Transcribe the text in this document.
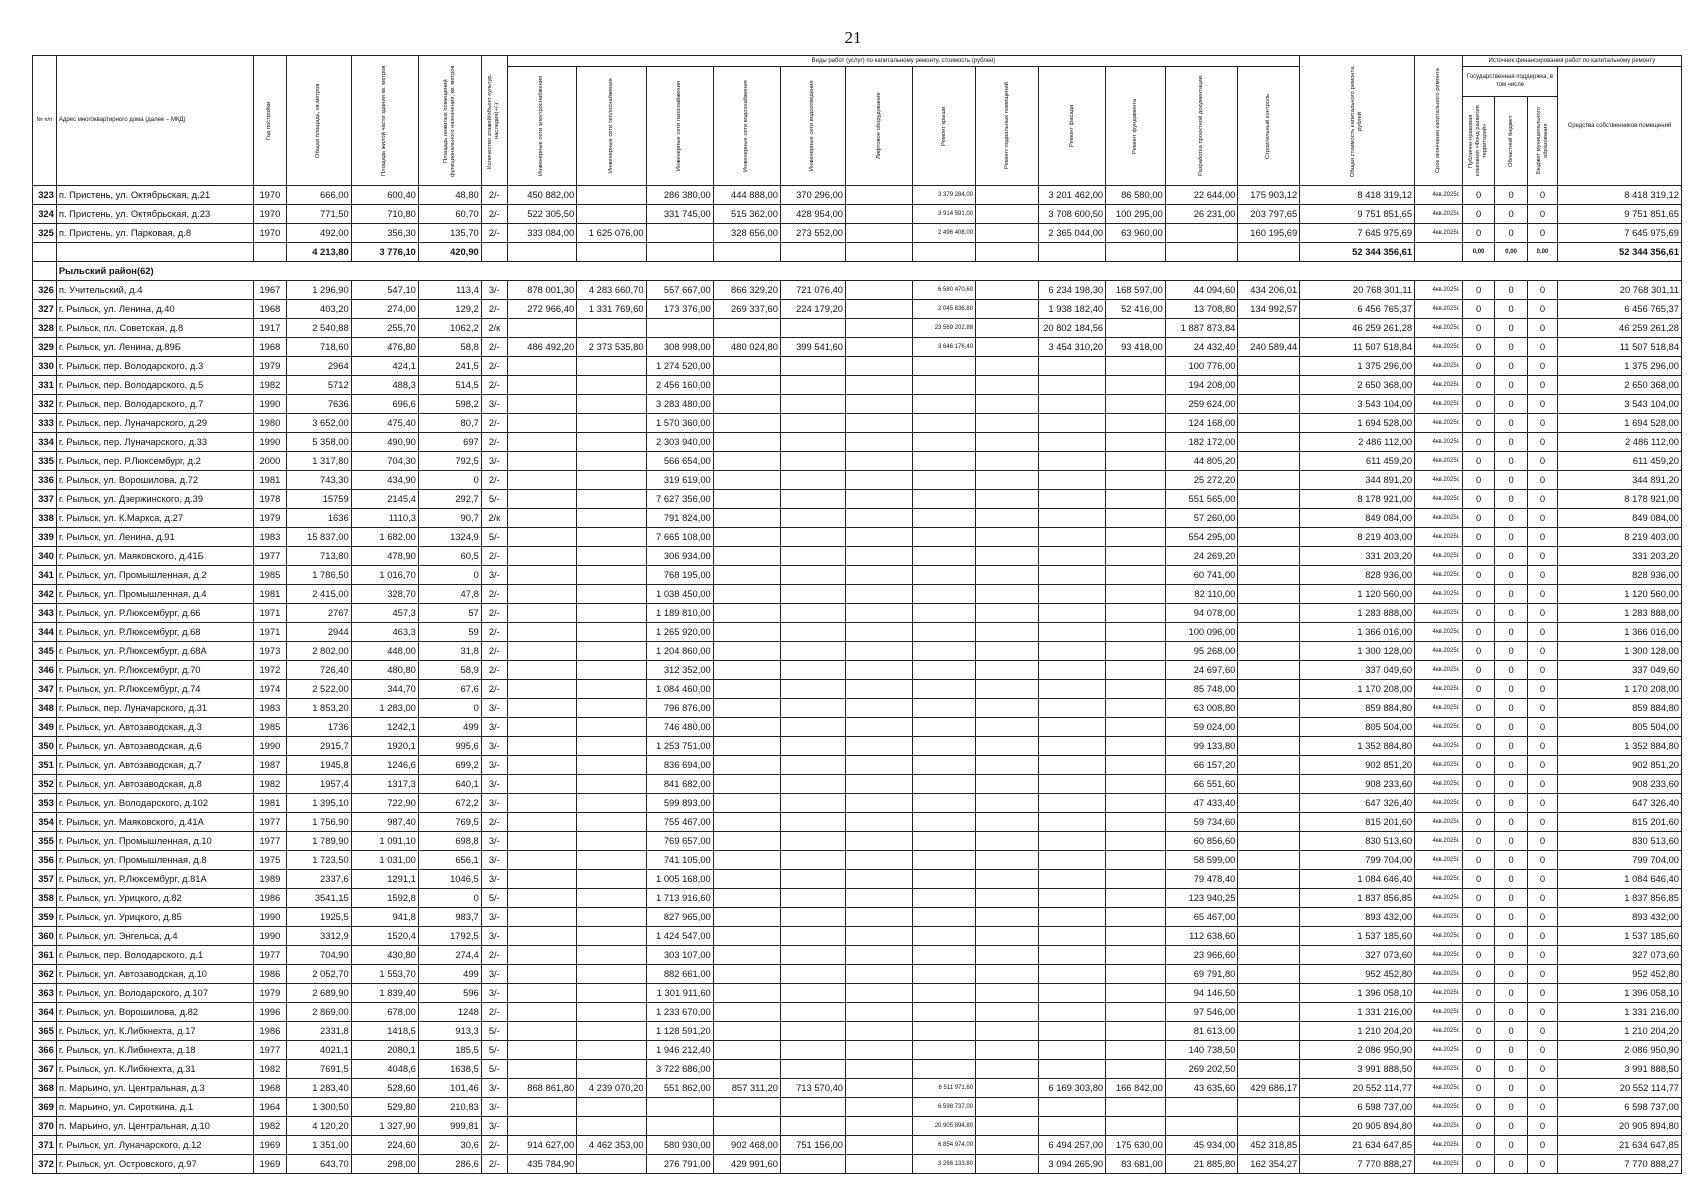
21
№ п/п	Адрес многоквартирного дома (далее – МКД)	Год постройки	Общая площадь, кв.метров	Площадь жилой части здания кв. метров	Площадь нежилых помещений функционального назначения, кв. метров	Количество этажей/объект культур. наследия(+/-)	Виды работ (услуг) по капитальному ремонту, стоимость (рублей)												Общая стоимость капитального ремонта, рублей	Срок окончания капитального ремонта	Источник финансирования работ по капитальному ремонту			

							Инженерные сети электроснабжения	Инженерные сети теплоснабжения	Инженерные сети газоснабжения	Инженерные сети водоснабжения	Инженерные сети водоотведения	Лифтовое оборудование	Ремонт крыши	Ремонт подвальных помещений	Ремонт фасада	Ремонт фундамента	Разработка проектной документации	Строительный контроль			Государственная поддержка, в том числе			Средства собственников помещений

																					Публично-правовая компания «Фонд развития территорий»	Областной бюджет	Бюджет муниципального образования	

323	п. Пристень, ул. Октябрьская, д.21	1970	666,00	600,40	48,80	2/-	450 882,00		286 380,00	444 888,00	370 296,00		3 379 284,00		3 201 462,00	86 580,00	22 644,00	175 903,12	8 418 319,12	4кв.2025г.	0	0	0	8 418 319,12
324	п. Пристень, ул. Октябрьская, д.23	1970	771,50	710,80	60,70	2/-	522 305,50		331 745,00	515 362,00	428 954,00		3 914 591,00		3 708 600,50	100 295,00	26 231,00	203 797,65	9 751 851,65	4кв.2025г.	0	0	0	9 751 851,65
325	п. Пристень, ул. Парковая, д.8	1970	492,00	356,30	135,70	2/-	333 084,00	1 625 076,00		328 656,00	273 552,00		2 496 408,00		2 365 044,00	63 960,00		160 195,69	7 645 975,69	4кв.2025г.	0	0	0	7 645 975,69
			4 213,80	3 776,10	420,90														52 344 356,61		0,00	0,00	0,00	52 344 356,61
	Рыльский район(62)																							
326	п. Учительский, д.4	1967	1 296,90	547,10	113,4	3/-	878 001,30	4 283 660,70	557 667,00	866 329,20	721 076,40		6 580 470,60		6 234 198,30	168 597,00	44 094,60	434 206,01	20 768 301,11	4кв.2025г.	0	0	0	20 768 301,11
327	г. Рыльск, ул. Ленина, д.40	1968	403,20	274,00	129,2	2/-	272 966,40	1 331 769,60	173 376,00	269 337,60	224 179,20		2 045 836,80		1 938 182,40	52 416,00	13 708,80	134 992,57	6 456 765,37	4кв.2025г.	0	0	0	6 456 765,37
328	г. Рыльск, пл. Советская, д.8	1917	2 540,88	255,70	1062,2	2/к							23 569 202,88		20 802 184,56		1 887 873,84		46 259 261,28	4кв.2025г.	0	0	0	46 259 261,28
329	г. Рыльск, ул. Ленина, д.89Б	1968	718,60	476,80	58,8	2/-	486 492,20	2 373 535,80	308 998,00	480 024,80	399 541,60		3 646 176,40		3 454 310,20	93 418,00	24 432,40	240 589,44	11 507 518,84	4кв.2025г.	0	0	0	11 507 518,84
330	г. Рыльск, пер. Володарского, д.3	1979	2964	424,1	241,5	2/-			1 274 520,00								100 776,00		1 375 296,00	4кв.2025г.	0	0	0	1 375 296,00
331	г. Рыльск, пер. Володарского, д.5	1982	5712	488,3	514,5	2/-			2 456 160,00								194 208,00		2 650 368,00	4кв.2025г.	0	0	0	2 650 368,00
332	г. Рыльск, пер. Володарского, д.7	1990	7636	696,6	598,2	3/-			3 283 480,00								259 624,00		3 543 104,00	4кв.2025г.	0	0	0	3 543 104,00
333	г. Рыльск, пер. Луначарского, д.29	1980	3 652,00	475,40	80,7	2/-			1 570 360,00								124 168,00		1 694 528,00	4кв.2025г.	0	0	0	1 694 528,00
334	г. Рыльск, пер. Луначарского, д.33	1990	5 358,00	490,90	697	2/-			2 303 940,00								182 172,00		2 486 112,00	4кв.2025г.	0	0	0	2 486 112,00
335	г. Рыльск, пер. Р.Люксембург, д.2	2000	1 317,80	704,30	792,5	3/-			566 654,00								44 805,20		611 459,20	4кв.2025г.	0	0	0	611 459,20
336	г. Рыльск, ул. Ворошилова, д.72	1981	743,30	434,90	0	2/-			319 619,00								25 272,20		344 891,20	4кв.2025г.	0	0	0	344 891,20
337	г. Рыльск, ул. Дзержинского, д.39	1978	15759	2145,4	292,7	5/-			7 627 356,00								551 565,00		8 178 921,00	4кв.2025г.	0	0	0	8 178 921,00
338	г. Рыльск, ул. К.Маркса, д.27	1979	1636	1110,3	90,7	2/к			791 824,00								57 260,00		849 084,00	4кв.2025г.	0	0	0	849 084,00
339	г. Рыльск, ул. Ленина, д.91	1983	15 837,00	1 682,00	1324,9	5/-			7 665 108,00								554 295,00		8 219 403,00	4кв.2025г.	0	0	0	8 219 403,00
340	г. Рыльск, ул. Маяковского, д.41Б	1977	713,80	478,90	60,5	2/-			306 934,00								24 269,20		331 203,20	4кв.2025г.	0	0	0	331 203,20
341	г. Рыльск, ул. Промышленная, д.2	1985	1 786,50	1 016,70	0	3/-			768 195,00								60 741,00		828 936,00	4кв.2025г.	0	0	0	828 936,00
342	г. Рыльск, ул. Промышленная, д.4	1981	2 415,00	328,70	47,8	2/-			1 038 450,00								82 110,00		1 120 560,00	4кв.2025г.	0	0	0	1 120 560,00
343	г. Рыльск, ул. Р.Люксембург, д.66	1971	2767	457,3	57	2/-			1 189 810,00								94 078,00		1 283 888,00	4кв.2025г.	0	0	0	1 283 888,00
344	г. Рыльск, ул. Р.Люксембург, д.68	1971	2944	463,3	59	2/-			1 265 920,00								100 096,00		1 366 016,00	4кв.2025г.	0	0	0	1 366 016,00
345	г. Рыльск, ул. Р.Люксембург, д.68А	1973	2 802,00	448,00	31,8	2/-			1 204 860,00								95 268,00		1 300 128,00	4кв.2025г.	0	0	0	1 300 128,00
346	г. Рыльск, ул. Р.Люксембург, д.70	1972	726,40	480,80	58,9	2/-			312 352,00								24 697,60		337 049,60	4кв.2025г.	0	0	0	337 049,60
347	г. Рыльск, ул. Р.Люксембург, д.74	1974	2 522,00	344,70	67,6	2/-			1 084 460,00								85 748,00		1 170 208,00	4кв.2025г.	0	0	0	1 170 208,00
348	г. Рыльск, пер. Луначарского, д.31	1983	1 853,20	1 283,00	0	3/-			796 876,00								63 008,80		859 884,80	4кв.2025г.	0	0	0	859 884,80
349	г. Рыльск, ул. Автозаводская, д.3	1985	1736	1242,1	499	3/-			746 480,00								59 024,00		805 504,00	4кв.2025г.	0	0	0	805 504,00
350	г. Рыльск, ул. Автозаводская, д.6	1990	2915,7	1920,1	995,6	3/-			1 253 751,00								99 133,80		1 352 884,80	4кв.2025г.	0	0	0	1 352 884,80
351	г. Рыльск, ул. Автозаводская, д.7	1987	1945,8	1246,6	699,2	3/-			836 694,00								66 157,20		902 851,20	4кв.2025г.	0	0	0	902 851,20
352	г. Рыльск, ул. Автозаводская, д.8	1982	1957,4	1317,3	640,1	3/-			841 682,00								66 551,60		908 233,60	4кв.2025г.	0	0	0	908 233,60
353	г. Рыльск, ул. Володарского, д.102	1981	1 395,10	722,90	672,2	3/-			599 893,00								47 433,40		647 326,40	4кв.2025г.	0	0	0	647 326,40
354	г. Рыльск, ул. Маяковского, д.41А	1977	1 756,90	987,40	769,5	2/-			755 467,00								59 734,60		815 201,60	4кв.2025г.	0	0	0	815 201,60
355	г. Рыльск, ул. Промышленная, д.10	1977	1 789,90	1 091,10	698,8	3/-			769 657,00								60 856,60		830 513,60	4кв.2025г.	0	0	0	830 513,60
356	г. Рыльск, ул. Промышленная, д.8	1975	1 723,50	1 031,00	656,1	3/-			741 105,00								58 599,00		799 704,00	4кв.2025г.	0	0	0	799 704,00
357	г. Рыльск, ул. Р.Люксембург, д.81А	1989	2337,6	1291,1	1046,5	3/-			1 005 168,00								79 478,40		1 084 646,40	4кв.2025г.	0	0	0	1 084 646,40
358	г. Рыльск, ул. Урицкого, д.82	1986	3541,15	1592,8	0	5/-			1 713 916,60								123 940,25		1 837 856,85	4кв.2025г.	0	0	0	1 837 856,85
359	г. Рыльск, ул. Урицкого, д.85	1990	1925,5	941,8	983,7	3/-			827 965,00								65 467,00		893 432,00	4кв.2025г.	0	0	0	893 432,00
360	г. Рыльск, ул. Энгельса, д.4	1990	3312,9	1520,4	1792,5	3/-			1 424 547,00								112 638,60		1 537 185,60	4кв.2025г.	0	0	0	1 537 185,60
361	г. Рыльск, пер. Володарского, д.1	1977	704,90	430,80	274,4	2/-			303 107,00								23 966,60		327 073,60	4кв.2025г.	0	0	0	327 073,60
362	г. Рыльск, ул. Автозаводская, д.10	1986	2 052,70	1 553,70	499	3/-			882 661,00								69 791,80		952 452,80	4кв.2025г.	0	0	0	952 452,80
363	г. Рыльск, ул. Володарского, д.107	1979	2 689,90	1 839,40	596	3/-			1 301 911,60								94 146,50		1 396 058,10	4кв.2025г.	0	0	0	1 396 058,10
364	г. Рыльск, ул. Ворошилова, д.82	1996	2 869,00	678,00	1248	2/-			1 233 670,00								97 546,00		1 331 216,00	4кв.2025г.	0	0	0	1 331 216,00
365	г. Рыльск, ул. К.Либкнехта, д.17	1986	2331,8	1418,5	913,3	5/-			1 128 591,20								81 613,00		1 210 204,20	4кв.2025г.	0	0	0	1 210 204,20
366	г. Рыльск, ул. К.Либкнехта, д.18	1977	4021,1	2080,1	185,5	5/-			1 946 212,40								140 738,50		2 086 950,90	4кв.2025г.	0	0	0	2 086 950,90
367	г. Рыльск, ул. К.Либкнехта, д.31	1982	7691,5	4048,6	1638,5	5/-			3 722 686,00								269 202,50		3 991 888,50	4кв.2025г.	0	0	0	3 991 888,50
368	п. Марьино, ул. Центральная, д.3	1968	1 283,40	528,60	101,46	3/-	868 861,80	4 239 070,20	551 862,00	857 311,20	713 570,40		6 511 971,60		6 169 303,80	166 842,00	43 635,60	429 686,17	20 552 114,77	4кв.2025г.	0	0	0	20 552 114,77
369	п. Марьино, ул. Сироткина, д.1	1964	1 300,50	529,80	210,83	3/-							6 598 737,00						6 598 737,00	4кв.2025г.	0	0	0	6 598 737,00
370	п. Марьино, ул. Центральная, д.10	1982	4 120,20	1 327,90	999,81	3/-							20 905 894,80						20 905 894,80	4кв.2025г.	0	0	0	20 905 894,80
371	г. Рыльск, ул. Луначарского, д.12	1969	1 351,00	224,60	30,6	2/-	914 627,00	4 462 353,00	580 930,00	902 468,00	751 156,00		6 854 974,00		6 494 257,00	175 630,00	45 934,00	452 318,85	21 634 647,85	4кв.2025г.	0	0	0	21 634 647,85
372	г. Рыльск, ул. Островского, д.97	1969	643,70	298,00	286,6	2/-	435 784,90		276 791,00	429 991,60			3 266 133,80		3 094 265,90	83 681,00	21 885,80	162 354,27	7 770 888,27	4кв.2025г.	0	0	0	7 770 888,27
